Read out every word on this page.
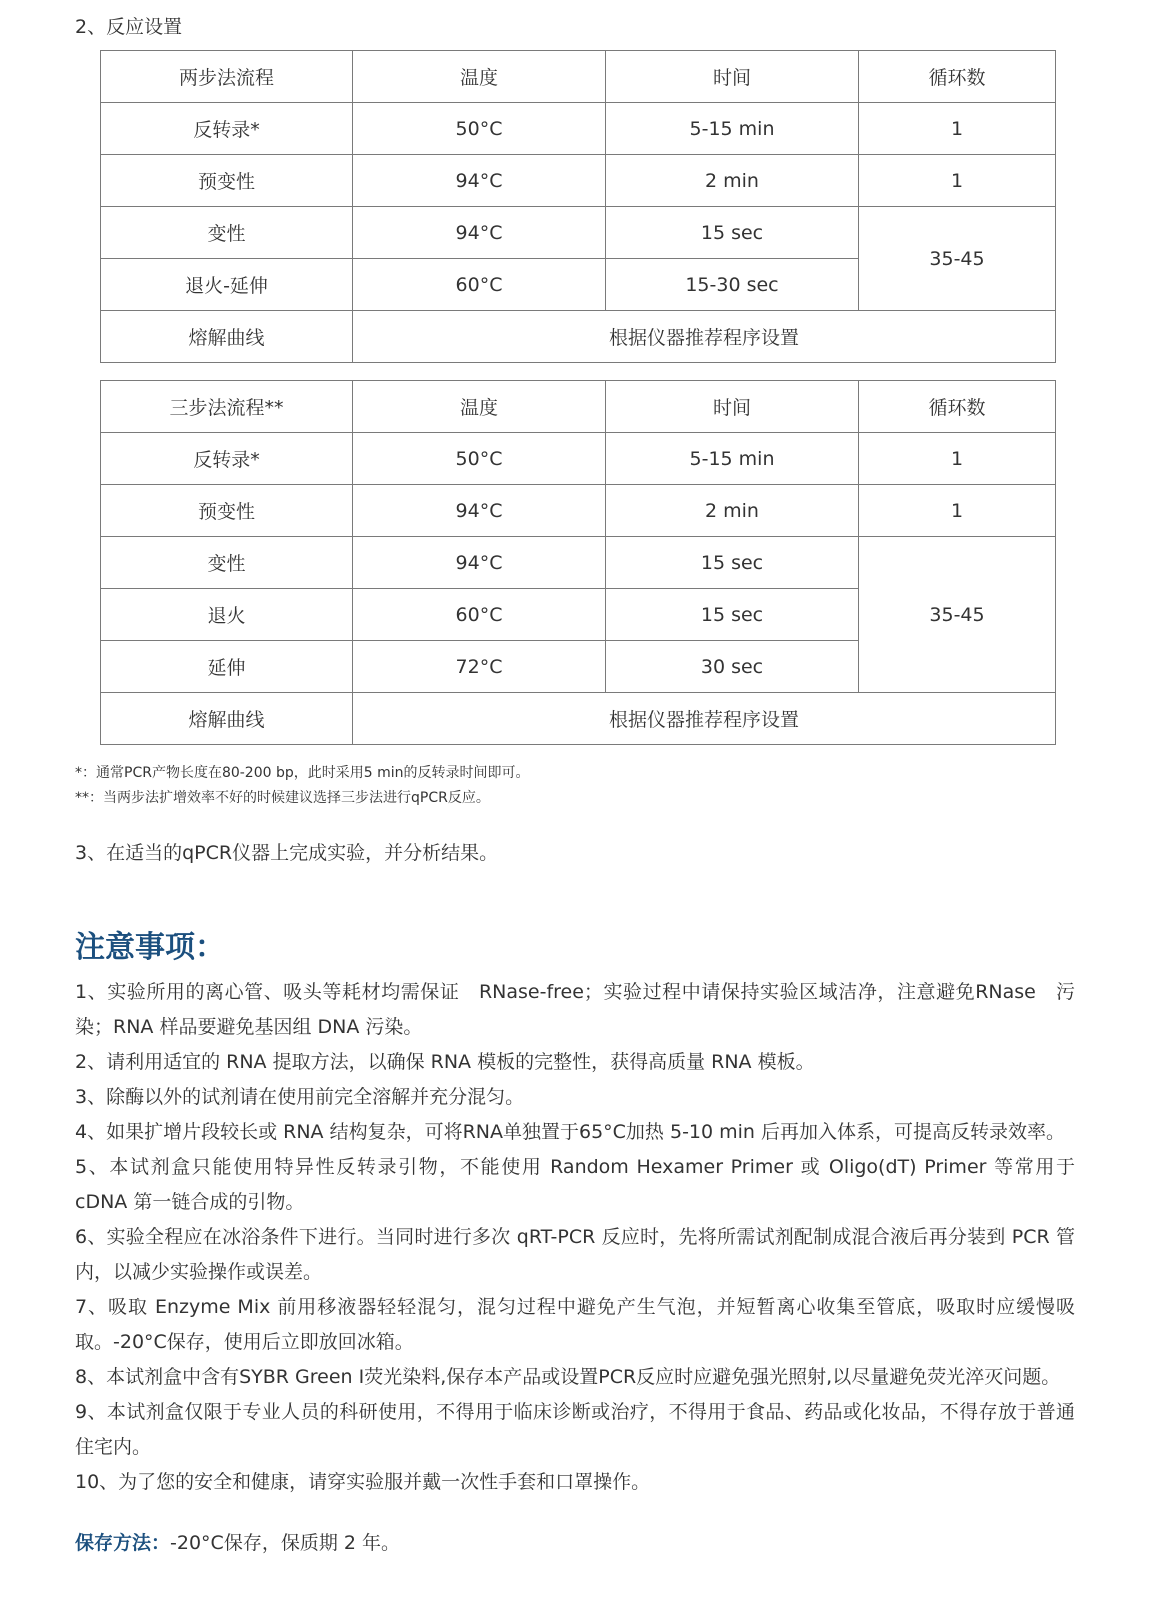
2、反应设置

两步法流程	温度	时间	循环数
反转录*	50°C	5-15 min	1
预变性	94°C	2 min	1
变性	94°C	15 sec	35-45
退火-延伸	60°C	15-30 sec	
熔解曲线	根据仪器推荐程序设置		
三步法流程**	温度	时间	循环数
反转录*	50°C	5-15 min	1
预变性	94°C	2 min	1
变性	94°C	15 sec	35-45
退火	60°C	15 sec	
延伸	72°C	30 sec	
熔解曲线	根据仪器推荐程序设置		

*：通常PCR产物长度在80-200 bp，此时采用5 min的反转录时间即可。

**：当两步法扩增效率不好的时候建议选择三步法进行qPCR反应。

3、在适当的qPCR仪器上完成实验，并分析结果。

注意事项：
1、实验所用的离心管、吸头等耗材均需保证　RNase-free；实验过程中请保持实验区域洁净，注意避免RNase　污染；RNA 样品要避免基因组 DNA 污染。
2、请利用适宜的 RNA 提取方法，以确保 RNA 模板的完整性，获得高质量 RNA 模板。
3、除酶以外的试剂请在使用前完全溶解并充分混匀。
4、如果扩增片段较长或 RNA 结构复杂，可将RNA单独置于65°C加热 5-10 min 后再加入体系，可提高反转录效率。
5、本试剂盒只能使用特异性反转录引物，不能使用 Random Hexamer Primer 或 Oligo(dT) Primer 等常用于 cDNA 第一链合成的引物。
6、实验全程应在冰浴条件下进行。当同时进行多次 qRT-PCR 反应时，先将所需试剂配制成混合液后再分装到 PCR 管内，以减少实验操作或误差。
7、吸取 Enzyme Mix 前用移液器轻轻混匀，混匀过程中避免产生气泡，并短暂离心收集至管底，吸取时应缓慢吸取。-20°C保存，使用后立即放回冰箱。
8、本试剂盒中含有SYBR Green I荧光染料,保存本产品或设置PCR反应时应避免强光照射,以尽量避免荧光淬灭问题。
9、本试剂盒仅限于专业人员的科研使用，不得用于临床诊断或治疗，不得用于食品、药品或化妆品，不得存放于普通住宅内。
10、为了您的安全和健康，请穿实验服并戴一次性手套和口罩操作。

保存方法：-20°C保存，保质期 2 年。
